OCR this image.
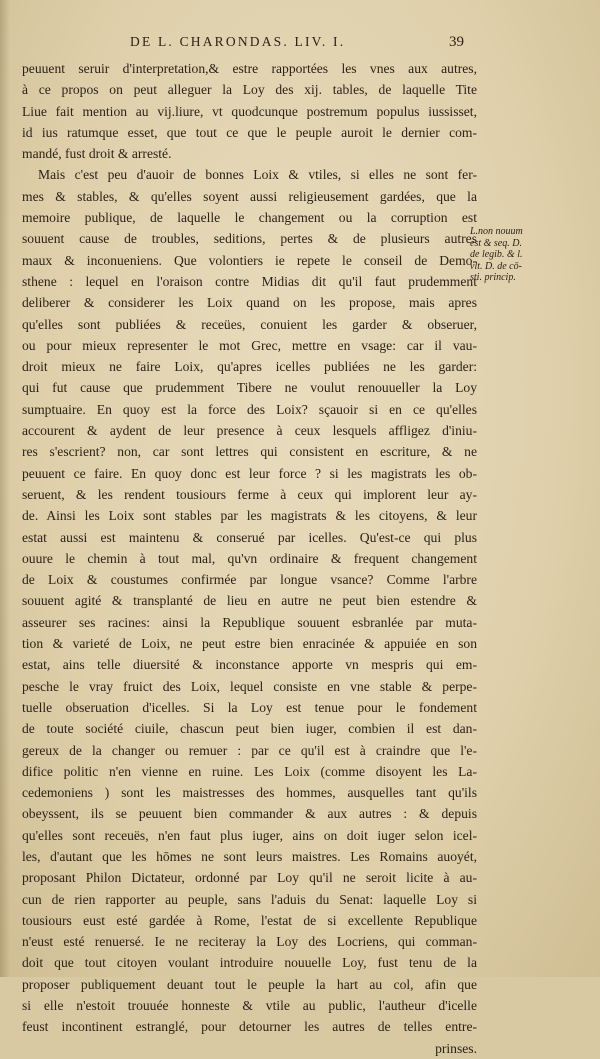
DE L. CHARONDAS. LIV. I.	39
peuuent seruir d'interpretation,& estre rapportées les vnes aux autres,
à ce propos on peut alleguer la Loy des xij. tables, de laquelle Tite
Liue fait mention au vij.liure, vt quodcunque postremum populus iussisset,
id ius ratumque esset, que tout ce que le peuple auroit le dernier com-
mandé, fust droit & arresté.
Mais c'est peu d'auoir de bonnes Loix & vtiles, si elles ne sont fer-
mes & stables, & qu'elles soyent aussi religieusement gardées, que la
memoire publique, de laquelle le changement ou la corruption est
souuent cause de troubles, seditions, pertes & de plusieurs autres
maux & inconueniens. Que volontiers ie repete le conseil de Demo-
sthene : lequel en l'oraison contre Midias dit qu'il faut prudemment
deliberer & considerer les Loix quand on les propose, mais apres
qu'elles sont publiées & receües, conuient les garder & obseruer,
ou pour mieux representer le mot Grec, mettre en vsage: car il vau-
droit mieux ne faire Loix, qu'apres icelles publiées ne les garder:
qui fut cause que prudemment Tibere ne voulut renouueller la Loy
sumptuaire. En quoy est la force des Loix? sçauoir si en ce qu'elles
accourent & aydent de leur presence à ceux lesquels affligez d'iniu-
res s'escrient? non, car sont lettres qui consistent en escriture, & ne
peuuent ce faire. En quoy donc est leur force ? si les magistrats les ob-
seruent, & les rendent tousiours ferme à ceux qui implorent leur ay-
de. Ainsi les Loix sont stables par les magistrats & les citoyens, & leur
estat aussi est maintenu & conserué par icelles. Qu'est-ce qui plus
ouure le chemin à tout mal, qu'vn ordinaire & frequent changement
de Loix & coustumes confirmée par longue vsance? Comme l'arbre
souuent agité & transplanté de lieu en autre ne peut bien estendre &
asseurer ses racines: ainsi la Republique souuent esbranlée par muta-
tion & varieté de Loix, ne peut estre bien enracinée & appuiée en son
estat, ains telle diuersité & inconstance apporte vn mespris qui em-
pesche le vray fruict des Loix, lequel consiste en vne stable & perpe-
tuelle obseruation d'icelles. Si la Loy est tenue pour le fondement
de toute société ciuile, chascun peut bien iuger, combien il est dan-
gereux de la changer ou remuer : par ce qu'il est à craindre que l'e-
difice politic n'en vienne en ruine. Les Loix (comme disoyent les La-
cedemoniens ) sont les maistresses des hommes, ausquelles tant qu'ils
obeyssent, ils se peuuent bien commander & aux autres : & depuis
qu'elles sont receuës, n'en faut plus iuger, ains on doit iuger selon icel-
les, d'autant que les hōmes ne sont leurs maistres. Les Romains auoyét,
proposant Philon Dictateur, ordonné par Loy qu'il ne seroit licite à au-
cun de rien rapporter au peuple, sans l'aduis du Senat: laquelle Loy si
tousiours eust esté gardée à Rome, l'estat de si excellente Republique
n'eust esté renuersé. Ie ne reciteray la Loy des Locriens, qui comman-
doit que tout citoyen voulant introduire nouuelle Loy, fust tenu de la
proposer publiquement deuant tout le peuple la hart au col, afin que
si elle n'estoit trouuée honneste & vtile au public, l'autheur d'icelle
feust incontinent estranglé, pour detourner les autres de telles entre-
prinses.
L.non nouum
est & seq. D.
de legib. & l.
vlt. D. de cō-
sti. princip.
